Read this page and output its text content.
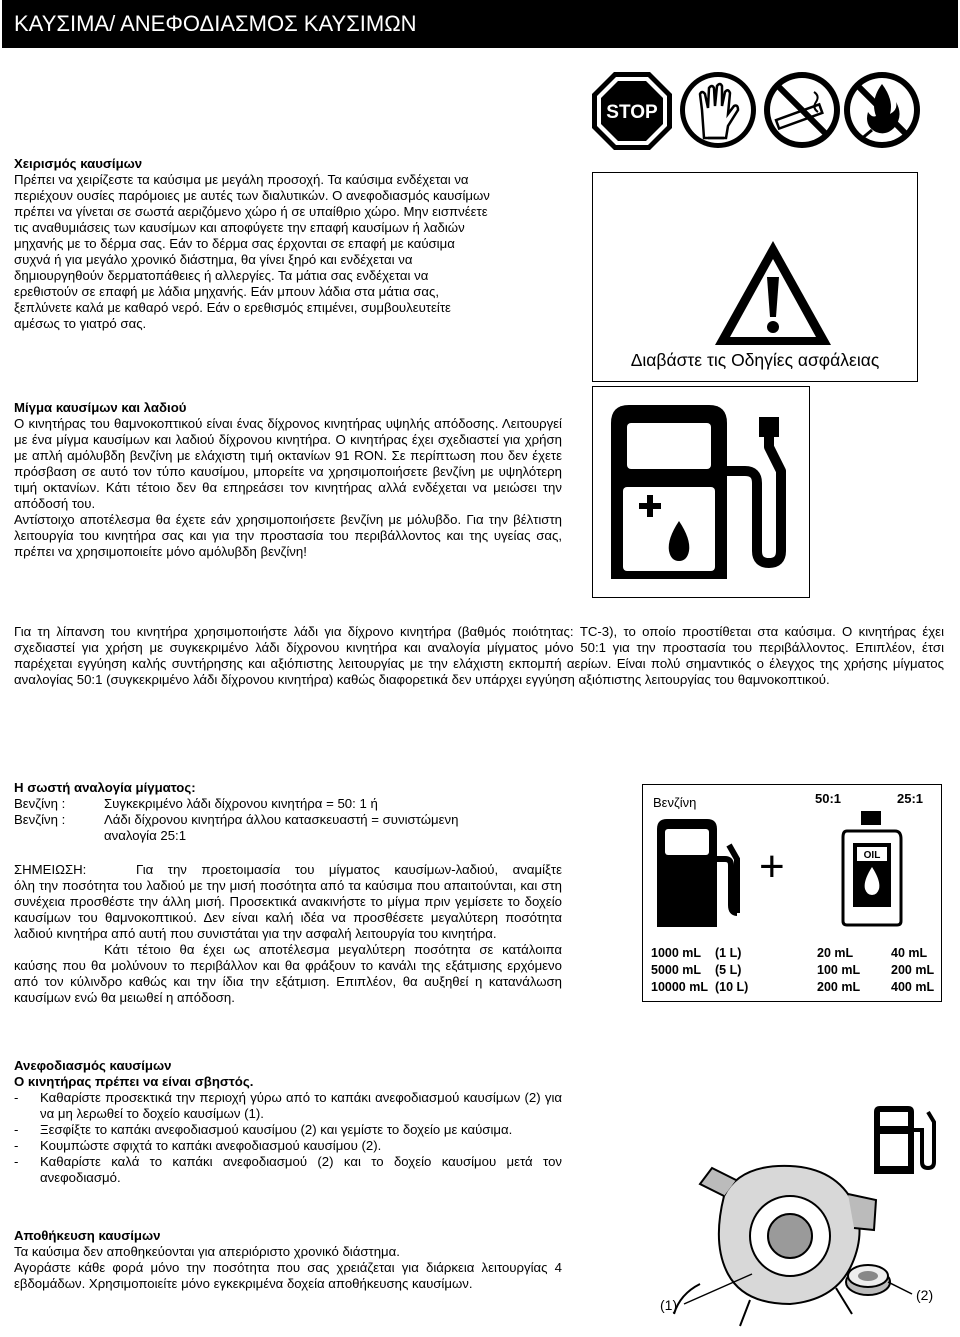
ΚΑΥΣΙΜΑ/ ΑΝΕΦΟΔΙΑΣΜΟΣ ΚΑΥΣΙΜΩΝ
Χειρισμός καυσίμων
Πρέπει να χειρίζεστε τα καύσιμα με μεγάλη προσοχή. Τα καύσιμα ενδέχεται να
περιέχουν ουσίες παρόμοιες με αυτές των διαλυτικών. Ο ανεφοδιασμός καυσίμων
πρέπει να γίνεται σε σωστά αεριζόμενο χώρο ή σε υπαίθριο χώρο. Μην εισπνέετε
τις αναθυμιάσεις των καυσίμων και αποφύγετε την επαφή καυσίμων ή λαδιών
μηχανής με το δέρμα σας. Εάν το δέρμα σας έρχονται σε επαφή με καύσιμα
συχνά ή για μεγάλο χρονικό διάστημα, θα γίνει ξηρό και ενδέχεται να
δημιουργηθούν δερματοπάθειες ή αλλεργίες. Τα μάτια σας ενδέχεται να
ερεθιστούν σε επαφή με λάδια μηχανής. Εάν μπουν λάδια στα μάτια σας,
ξεπλύνετε καλά με καθαρό νερό. Εάν ο ερεθισμός επιμένει, συμβουλευτείτε
αμέσως το γιατρό σας.
STOP
Διαβάστε τις Οδηγίες ασφάλειας
Μίγμα καυσίμων και λαδιού

Ο κινητήρας του θαμνοκοπτικού είναι ένας δίχρονος κινητήρας υψηλής απόδοσης. Λειτουργεί με ένα μίγμα καυσίμων και λαδιού δίχρονου κινητήρα. Ο κινητήρας έχει σχεδιαστεί για χρήση με απλή αμόλυβδη βενζίνη με ελάχιστη τιμή οκτανίων 91 RON. Σε περίπτωση που δεν έχετε πρόσβαση σε αυτό τον τύπο καυσίμου, μπορείτε να χρησιμοποιήσετε βενζίνη με υψηλότερη τιμή οκτανίων. Κάτι τέτοιο δεν θα επηρεάσει τον κινητήρας αλλά ενδέχεται να μειώσει την απόδοσή του.

Αντίστοιχο αποτέλεσμα θα έχετε εάν χρησιμοποιήσετε βενζίνη με μόλυβδο. Για την βέλτιστη λειτουργία του κινητήρα σας και για την προστασία του περιβάλλοντος και της υγείας σας, πρέπει να χρησιμοποιείτε μόνο αμόλυβδη βενζίνη!

Για τη λίπανση του κινητήρα χρησιμοποιήστε λάδι για δίχρονο κινητήρα (βαθμός ποιότητας: TC-3), το οποίο προστίθεται στα καύσιμα. Ο κινητήρας έχει σχεδιαστεί για χρήση με συγκεκριμένο λάδι δίχρονου κινητήρα και αναλογία μίγματος μόνο 50:1 για την προστασία του περιβάλλοντος. Επιπλέον, έτσι παρέχεται εγγύηση καλής συντήρησης και αξιόπιστης λειτουργίας με την ελάχιστη εκπομπή αερίων. Είναι πολύ σημαντικός ο έλεγχος της χρήσης μίγματος αναλογίας 50:1 (συγκεκριμένο λάδι δίχρονου κινητήρα) καθώς διαφορετικά δεν υπάρχει εγγύηση αξιόπιστης λειτουργίας του θαμνοκοπτικού.

Η σωστή αναλογία μίγματος:
Βενζίνη :	Συγκεκριμένο λάδι δίχρονου κινητήρα = 50: 1 ή
Βενζίνη :	Λάδι δίχρονου κινητήρα άλλου κατασκευαστή = συνιστώμενη
αναλογία 25:1
ΣΗΜΕΙΩΣΗ:	Για την προετοιμασία του μίγματος καυσίμων-λαδιού, αναμίξτε

όλη την ποσότητα του λαδιού με την μισή ποσότητα από τα καύσιμα που απαιτούνται, και στη συνέχεια προσθέστε την άλλη μισή. Προσεκτικά ανακινήστε το μίγμα πριν γεμίσετε το δοχείο καυσίμων του θαμνοκοπτικού. Δεν είναι καλή ιδέα να προσθέσετε μεγαλύτερη ποσότητα λαδιού κινητήρα από αυτή που συνιστάται για την ασφαλή λειτουργία του κινητήρα.

Κάτι τέτοιο θα έχει ως αποτέλεσμα μεγαλύτερη ποσότητα σε κατάλοιπα

καύσης που θα μολύνουν το περιβάλλον και θα φράξουν το κανάλι της εξάτμισης ερχόμενο από τον κύλινδρο καθώς και την ίδια την εξάτμιση. Επιπλέον, θα αυξηθεί η κατανάλωση καυσίμων ενώ θα μειωθεί η απόδοση.

Βενζίνη	50:1	25:1
+	OIL
1000 mL (1 L)	20 mL	40 mL
5000 mL (5 L)	100 mL 200 mL
10000 mL (10 L)	200 mL 400 mL
Ανεφοδιασμός καυσίμων
Ο κινητήρας πρέπει να είναι σβηστός.
-	Καθαρίστε προσεκτικά την περιοχή γύρω από το καπάκι ανεφοδιασμού καυσίμων (2) για να μη λερωθεί το δοχείο καυσίμων (1).
-	Ξεσφίξτε το καπάκι ανεφοδιασμού καυσίμου (2) και γεμίστε το δοχείο με καύσιμα.
-	Κουμπώστε σφιχτά το καπάκι ανεφοδιασμού καυσίμου (2).
-	Καθαρίστε καλά το καπάκι ανεφοδιασμού (2) και το δοχείο καυσίμου μετά τον ανεφοδιασμό.
Αποθήκευση καυσίμων

Τα καύσιμα δεν αποθηκεύονται για απεριόριστο χρονικό διάστημα.

Αγοράστε κάθε φορά μόνο την ποσότητα που σας χρειάζεται για διάρκεια λειτουργίας 4 εβδομάδων. Χρησιμοποιείτε μόνο εγκεκριμένα δοχεία αποθήκευσης καυσίμων.

(1)
(2)
